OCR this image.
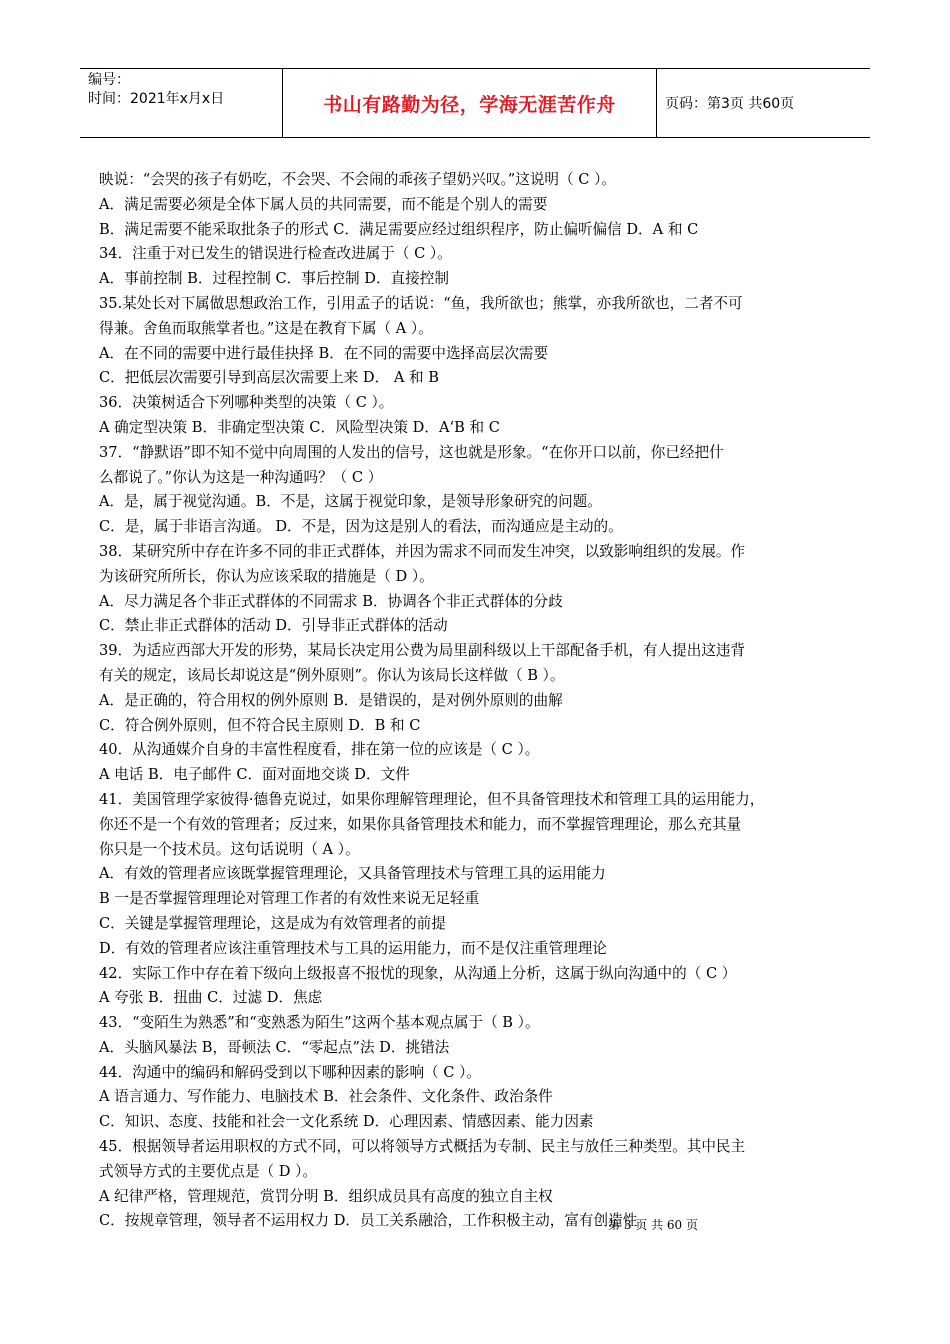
编号：
时间：2021年x月x日	书山有路勤为径，学海无涯苦作舟	页码：第3页 共60页
映说：“会哭的孩子有奶吃，不会哭、不会闹的乖孩子望奶兴叹。”这说明（ C ）。
A．满足需要必须是全体下属人员的共同需要，而不能是个别人的需要
B．满足需要不能采取批条子的形式 C．满足需要应经过组织程序，防止偏听偏信 D．A 和 C
34．注重于对已发生的错误进行检查改进属于（ C ）。
A．事前控制 B．过程控制 C．事后控制 D．直接控制
35.某处长对下属做思想政治工作，引用孟子的话说：“鱼，我所欲也；熊掌，亦我所欲也，二者不可
得兼。舍鱼而取熊掌者也。”这是在教育下属（ A ）。
A．在不同的需要中进行最佳抉择 B．在不同的需要中选择高层次需要
C．把低层次需要引导到高层次需要上来 D． A 和 B
36．决策树适合下列哪种类型的决策（ C ）。
A 确定型决策 B．非确定型决策 C．风险型决策 D．A‘B 和 C
37．“静默语”即不知不觉中向周围的人发出的信号，这也就是形象。“在你开口以前，你已经把什
么都说了。”你认为这是一种沟通吗？（ C ）
A．是，属于视觉沟通。B．不是，这属于视觉印象，是领导形象研究的问题。
C．是，属于非语言沟通。 D．不是，因为这是别人的看法，而沟通应是主动的。
38．某研究所中存在许多不同的非正式群体，并因为需求不同而发生冲突，以致影响组织的发展。作
为该研究所所长，你认为应该采取的措施是（ D ）。
A．尽力满足各个非正式群体的不同需求 B．协调各个非正式群体的分歧
C．禁止非正式群体的活动 D．引导非正式群体的活动
39．为适应西部大开发的形势，某局长决定用公费为局里副科级以上干部配备手机，有人提出这违背
有关的规定，该局长却说这是“例外原则”。你认为该局长这样做（ B ）。
A．是正确的，符合用权的例外原则 B．是错误的，是对例外原则的曲解
C．符合例外原则，但不符合民主原则 D．B 和 C
40．从沟通媒介自身的丰富性程度看，排在第一位的应该是（ C ）。
A 电话 B．电子邮件 C．面对面地交谈 D．文件
41．美国管理学家彼得·德鲁克说过，如果你理解管理理论，但不具备管理技术和管理工具的运用能力，
你还不是一个有效的管理者；反过来，如果你具备管理技术和能力，而不掌握管理理论，那么充其量
你只是一个技术员。这句话说明（ A ）。
A．有效的管理者应该既掌握管理理论，又具备管理技术与管理工具的运用能力
B 一是否掌握管理理论对管理工作者的有效性来说无足轻重
C．关键是掌握管理理论，这是成为有效管理者的前提
D．有效的管理者应该注重管理技术与工具的运用能力，而不是仅注重管理理论
42．实际工作中存在着下级向上级报喜不报忧的现象，从沟通上分析，这属于纵向沟通中的（ C ）
A 夸张 B．扭曲 C．过滤 D．焦虑
43．“变陌生为熟悉”和“变熟悉为陌生”这两个基本观点属于（ B ）。
A．头脑风暴法 B，哥顿法 C．“零起点”法 D．挑错法
44．沟通中的编码和解码受到以下哪种因素的影响（ C ）。
A 语言通力、写作能力、电脑技术 B．社会条件、文化条件、政治条件
C．知识、态度、技能和社会一文化系统 D．心理因素、情感因素、能力因素
45．根据领导者运用职权的方式不同，可以将领导方式概括为专制、民主与放任三种类型。其中民主
式领导方式的主要优点是（ D ）。
A 纪律严格，管理规范，赏罚分明 B．组织成员具有高度的独立自主权
C．按规章管理，领导者不运用权力 D．员工关系融洽，工作积极主动，富有创造性
第 3 页 共 60 页
